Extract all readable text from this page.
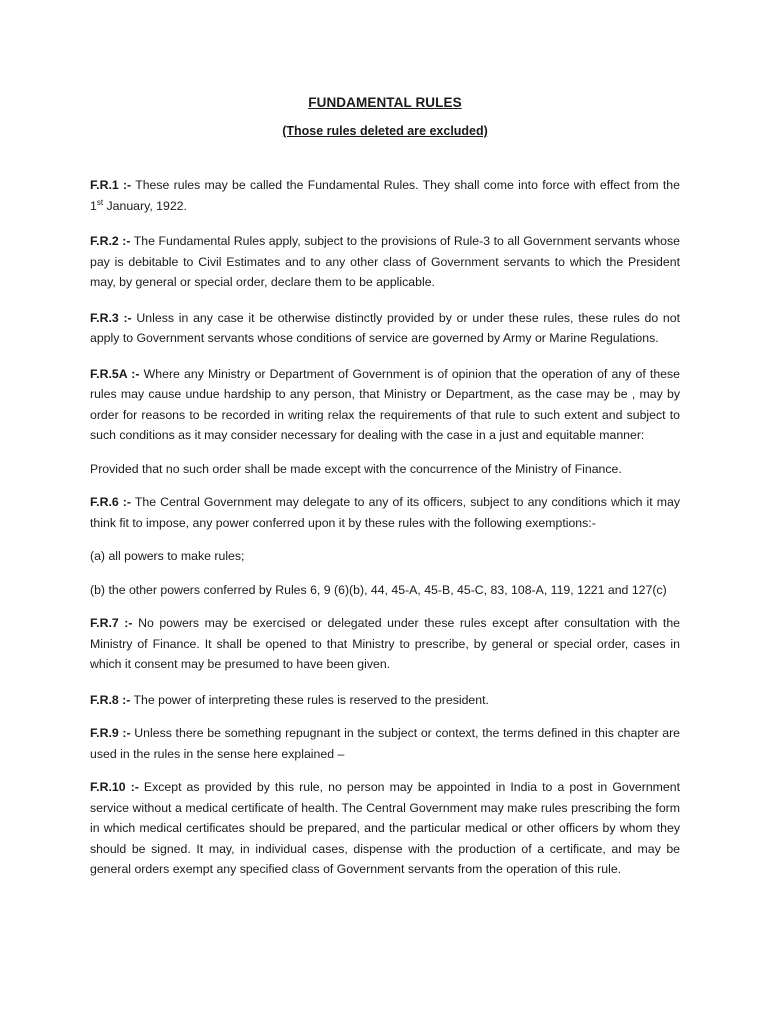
FUNDAMENTAL RULES
(Those rules deleted are excluded)

F.R.1 :- These rules may be called the Fundamental Rules. They shall come into force with effect from the 1st January, 1922.

F.R.2 :- The Fundamental Rules apply, subject to the provisions of Rule-3 to all Government servants whose pay is debitable to Civil Estimates and to any other class of Government servants to which the President may, by general or special order, declare them to be applicable.

F.R.3 :- Unless in any case it be otherwise distinctly provided by or under these rules, these rules do not apply to Government servants whose conditions of service are governed by Army or Marine Regulations.

F.R.5A :- Where any Ministry or Department of Government is of opinion that the operation of any of these rules may cause undue hardship to any person, that Ministry or Department, as the case may be , may by order for reasons to be recorded in writing relax the requirements of that rule to such extent and subject to such conditions as it may consider necessary for dealing with the case in a just and equitable manner:

Provided that no such order shall be made except with the concurrence of the Ministry of Finance.

F.R.6 :- The Central Government may delegate to any of its officers, subject to any conditions which it may think fit to impose, any power conferred upon it by these rules with the following exemptions:-

(a) all powers to make rules;

(b) the other powers conferred by Rules 6, 9 (6)(b), 44, 45-A, 45-B, 45-C, 83, 108-A, 119, 1221 and 127(c)

F.R.7 :- No powers may be exercised or delegated under these rules except after consultation with the Ministry of Finance. It shall be opened to that Ministry to prescribe, by general or special order, cases in which it consent may be presumed to have been given.

F.R.8 :- The power of interpreting these rules is reserved to the president.

F.R.9 :- Unless there be something repugnant in the subject or context, the terms defined in this chapter are used in the rules in the sense here explained –

F.R.10 :- Except as provided by this rule, no person may be appointed in India to a post in Government service without a medical certificate of health. The Central Government may make rules prescribing the form in which medical certificates should be prepared, and the particular medical or other officers by whom they should be signed. It may, in individual cases, dispense with the production of a certificate, and may be general orders exempt any specified class of Government servants from the operation of this rule.
